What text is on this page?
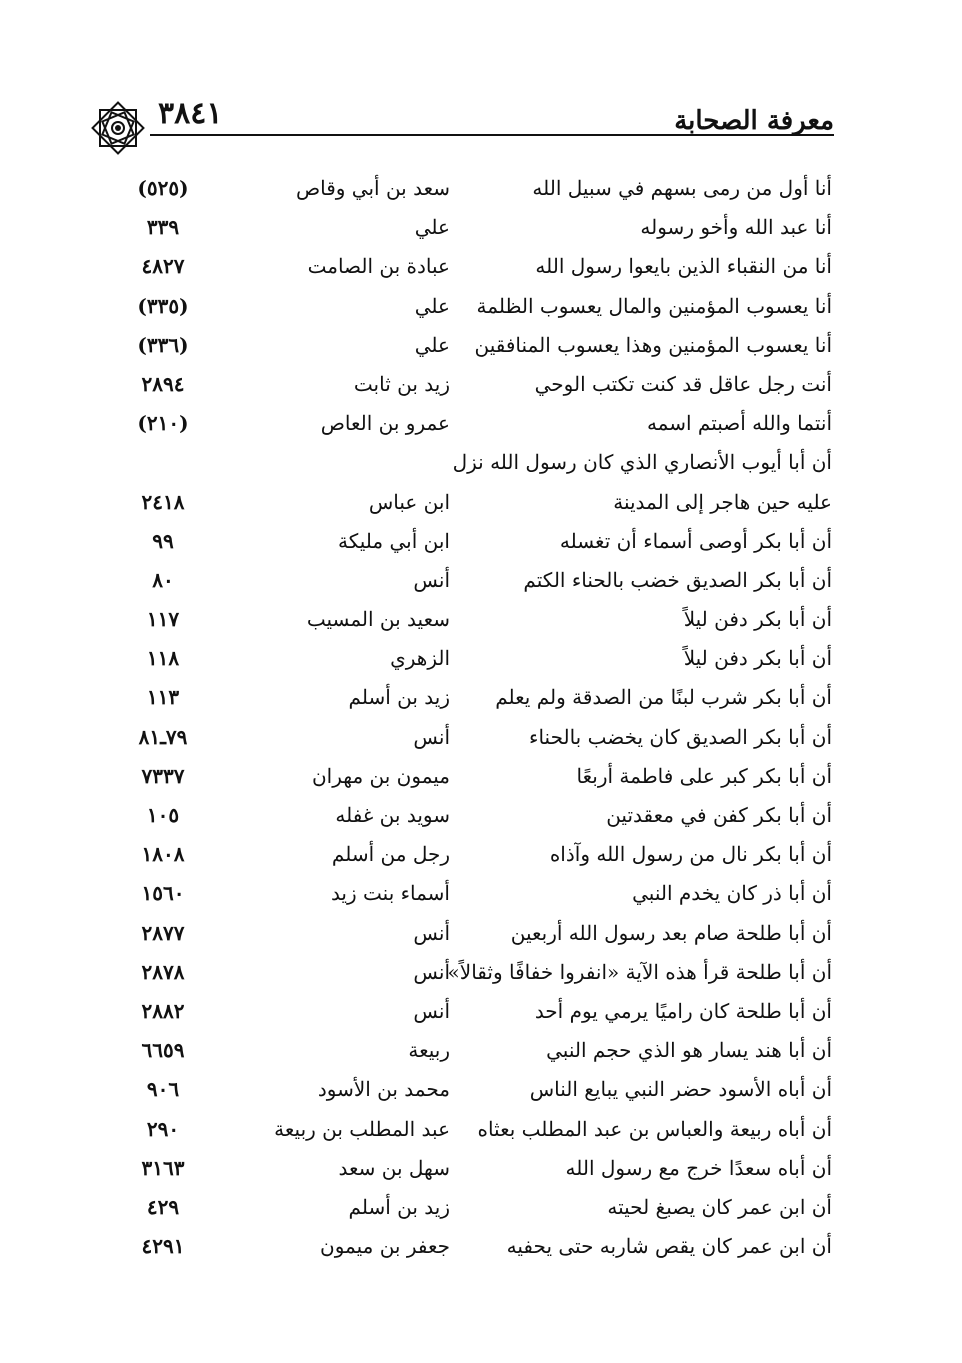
٣٨٤١	معرفة الصحابة
أنا أول من رمى بسهم في سبيل الله
سعد بن أبي وقاص
(٥٢٥)
أنا عبد الله وأخو رسوله
علي
٣٣٩
أنا من النقباء الذين بايعوا رسول الله
عبادة بن الصامت
٤٨٢٧
أنا يعسوب المؤمنين والمال يعسوب الظلمة
علي
(٣٣٥)
أنا يعسوب المؤمنين وهذا يعسوب المنافقين
علي
(٣٣٦)
أنت رجل عاقل قد كنت تكتب الوحي
زيد بن ثابت
٢٨٩٤
أنتما والله أصبتم اسمه
عمرو بن العاص
(٢١٠)
أن أبا أيوب الأنصاري الذي كان رسول الله نزل
عليه حين هاجر إلى المدينة
ابن عباس
٢٤١٨
أن أبا بكر أوصى أسماء أن تغسله
ابن أبي مليكة
٩٩
أن أبا بكر الصديق خضب بالحناء الكتم
أنس
٨٠
أن أبا بكر دفن ليلاً
سعيد بن المسيب
١١٧
أن أبا بكر دفن ليلاً
الزهري
١١٨
أن أبا بكر شرب لبنًا من الصدقة ولم يعلم
زيد بن أسلم
١١٣
أن أبا بكر الصديق كان يخضب بالحناء
أنس
٧٩ـ٨١
أن أبا بكر كبر على فاطمة أربعًا
ميمون بن مهران
٧٣٣٧
أن أبا بكر كفن في معقدتين
سويد بن غفله
١٠٥
أن أبا بكر نال من رسول الله وآذاه
رجل من أسلم
١٨٠٨
أن أبا ذر كان يخدم النبي
أسماء بنت زيد
١٥٦٠
أن أبا طلحة صام بعد رسول الله أربعين
أنس
٢٨٧٧
أن أبا طلحة قرأ هذه الآية «انفروا خفافًا وثقالاً»
أنس
٢٨٧٨
أن أبا طلحة كان راميًا يرمي يوم أحد
أنس
٢٨٨٢
أن أبا هند يسار هو الذي حجم النبي
ربيعة
٦٦٥٩
أن أباه الأسود حضر النبي يبايع الناس
محمد بن الأسود
٩٠٦
أن أباه ربيعة والعباس بن عبد المطلب بعثاه
عبد المطلب بن ربيعة
٢٩٠
أن أباه سعدًا خرج مع رسول الله
سهل بن سعد
٣١٦٣
أن ابن عمر كان يصبغ لحيته
زيد بن أسلم
٤٢٩
أن ابن عمر كان يقص شاربه حتى يحفيه
جعفر بن ميمون
٤٢٩١
